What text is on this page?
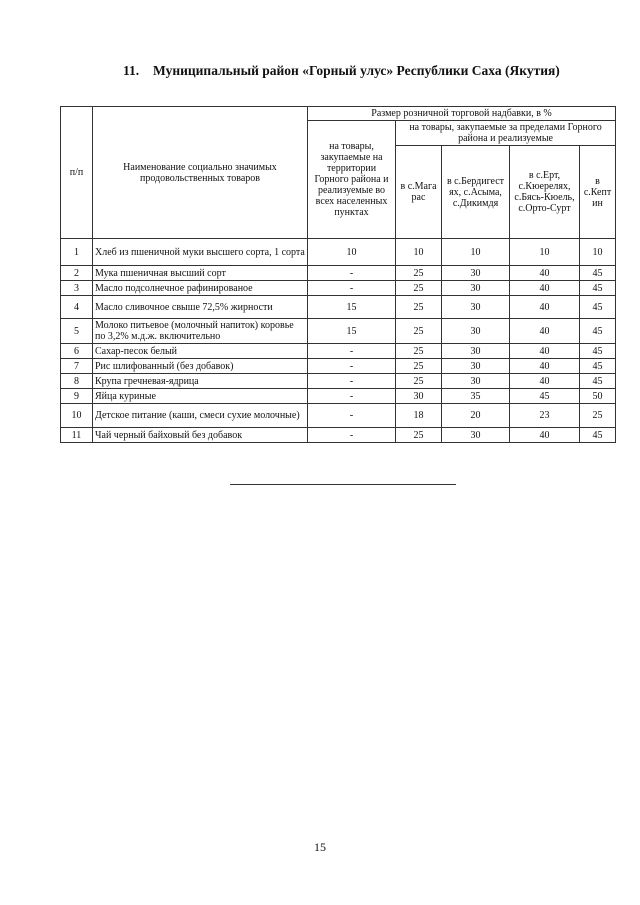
11. Муниципальный район «Горный улус» Республики Саха (Якутия)
п/п	Наименование социально значимых продовольственных товаров	Размер розничной торговой надбавки, в %				
		на товары, закупаемые на территории Горного района и реализуемые во всех населенных пунктах	на товары, закупаемые за пределами Горного района и реализуемые			
			в с.Мага рас	в с.Бердигест ях, с.Асыма, с.Дикимдя	в с.Ерт, с.Кюерелях, с.Бясь-Кюель, с.Орто-Сурт	в с.Кепт ин
1	Хлеб из пшеничной муки высшего сорта, 1 сорта	10	10	10	10	10
2	Мука пшеничная высший сорт	-	25	30	40	45
3	Масло подсолнечное рафинированое	-	25	30	40	45
4	Масло сливочное свыше 72,5% жирности	15	25	30	40	45
5	Молоко питьевое (молочный напиток) коровье по 3,2% м.д.ж. включительно	15	25	30	40	45
6	Сахар-песок белый	-	25	30	40	45
7	Рис шлифованный (без добавок)	-	25	30	40	45
8	Крупа гречневая-ядрица	-	25	30	40	45
9	Яйца куриные	-	30	35	45	50
10	Детское питание (каши, смеси сухие молочные)	-	18	20	23	25
11	Чай черный байховый без добавок	-	25	30	40	45
15
